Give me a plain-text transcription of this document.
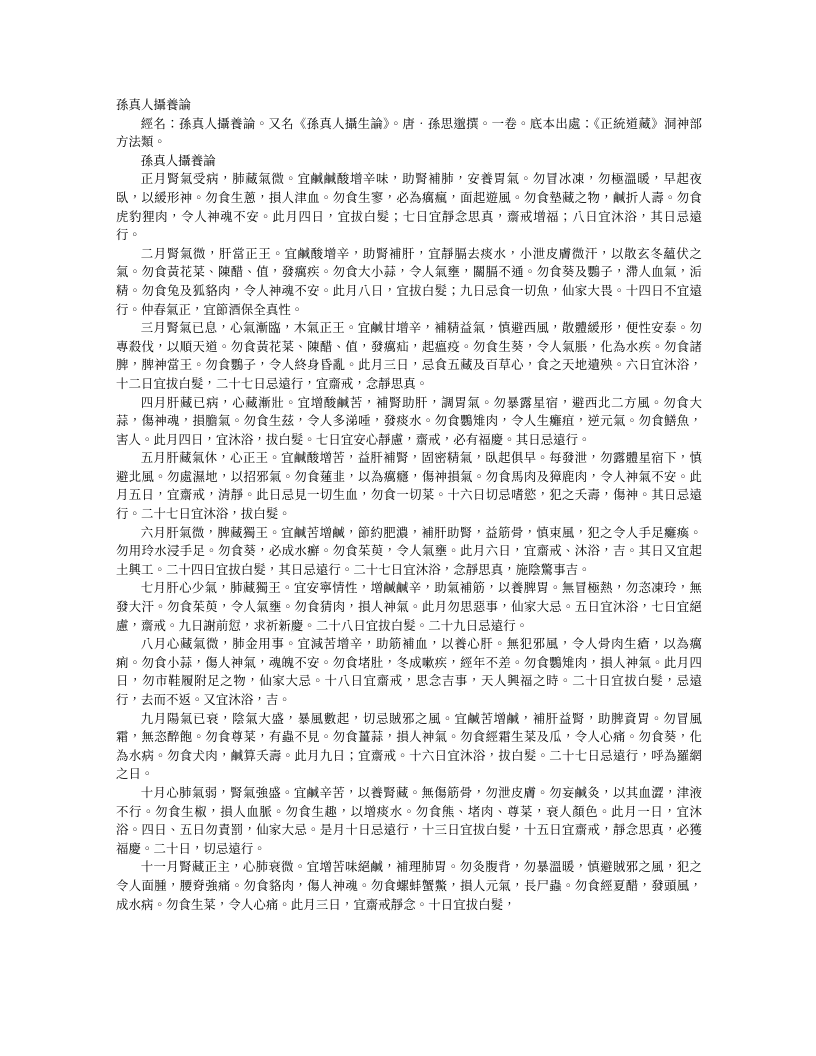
孫真人攝養論

經名：孫真人攝養論。又名《孫真人攝生論》。唐‧孫思邈撰。一卷。底本出處：《正統道藏》洞神部方法類。

孫真人攝養論

正月腎氣受病，肺藏氣微。宜鹹鹹酸增辛味，助腎補肺，安養胃氣。勿冒冰凍，勿極溫暖，早起夜臥，以緩形神。勿食生蔥，損人津血。勿食生寥，必為癘瘋，面起遊風。勿食墊藏之物，鹹折人壽。勿食虎豹狸肉，令人神魂不安。此月四日，宜拔白髮；七日宜靜念思真，齋戒增福；八日宜沐浴，其日忌遠行。

二月腎氣微，肝當正王。宜鹹酸增辛，助腎補肝，宜靜膈去痰水，小泄皮膚微汗，以散玄冬蘊伏之氣。勿食黃花菜、陳醋、值，發癘疾。勿食大小蒜，令人氣壅，關膈不通。勿食葵及鸚子，滯人血氣，洉精。勿食兔及狐貉肉，令人神魂不安。此月八日，宜拔白髮；九日忌食一切魚，仙家大畏。十四日不宜遠行。仲春氣正，宜節酒保全真性。

三月腎氣已息，心氣漸臨，木氣正王。宜鹹甘增辛，補精益氣，慎避西風，散體緩形，便性安泰。勿專殺伐，以順天道。勿食黃花菜、陳醋、值，發癘疝，起瘟疫。勿食生葵，令人氣脹，化為水疾。勿食諸脾，脾神當王。勿食鸚子，令人終身昏亂。此月三日，忌食五藏及百草心，食之天地遺殃。六日宜沐浴，十二日宜拔白髮，二十七日忌遠行，宜齋戒，念靜思真。

四月肝藏已病，心藏漸壯。宜增酸鹹苦，補腎助肝，調胃氣。勿暴露星宿，避西北二方風。勿食大蒜，傷神魂，損膽氣。勿食生茲，令人多涕唾，發痰水。勿食鸚雉肉，令人生癱疽，逆元氣。勿食鱔魚，害人。此月四日，宜沐浴，拔白髮。七日宜安心靜慮，齋戒，必有福慶。其日忌遠行。

五月肝藏氣休，心正王。宜鹹酸增苦，益肝補腎，固密精氣，臥起俱早。每發泄，勿露體星宿下，慎避北風。勿處濕地，以招邪氣。勿食蓮韭，以為癘癮，傷神損氣。勿食馬肉及獐鹿肉，令人神氣不安。此月五日，宜齋戒，清靜。此日忌見一切生血，勿食一切菜。十六日切忌嗜慾，犯之夭壽，傷神。其日忌遠行。二十七日宜沐浴，拔白髮。

六月肝氣微，脾藏獨王。宜鹹苦增鹹，節約肥濃，補肝助腎，益筋骨，慎束風，犯之令人手足癱瘓。勿用玲水浸手足。勿食葵，必成水癬。勿食茱萸，令人氣壅。此月六日，宜齋戒、沐浴，吉。其日又宜起土興工。二十四日宜拔白髮，其日忌遠行。二十七日宜沐浴，念靜思真，施陰驚事吉。

七月肝心少氣，肺藏獨王。宜安寧情性，增鹹鹹辛，助氣補筋，以養脾胃。無冒極熱，勿恣凍玲，無發大汗。勿食茱萸，令人氣壅。勿食猜肉，損人神氣。此月勿思惡事，仙家大忌。五日宜沐浴，七日宜絕慮，齋戒。九日謝前愆，求祈新慶。二十八日宜拔白髮。二十九日忌遠行。

八月心藏氣微，肺金用事。宜減苦增辛，助筋補血，以養心肝。無犯邪風，令人骨肉生瘡，以為癘痢。勿食小蒜，傷人神氣，魂魄不安。勿食堵肚，冬成嗽疾，經年不差。勿食鸚雉肉，損人神氣。此月四日，勿市鞋履附足之物，仙家大忌。十八日宜齋戒，思念吉事，天人興福之時。二十日宜拔白髮，忌遠行，去而不返。又宜沐浴，吉。

九月陽氣已衰，陰氣大盛，暴風數起，切忌賊邪之風。宜鹹苦增鹹，補肝益腎，助脾資胃。勿冒風霜，無恣醉飽。勿食尊菜，有蟲不見。勿食薑蒜，損人神氣。勿食經霜生菜及瓜，令人心痛。勿食葵，化為水病。勿食犬肉，鹹算夭壽。此月九日；宜齋戒。十六日宜沐浴，拔白髮。二十七日忌遠行，呼為羅網之日。

十月心肺氣弱，腎氣強盛。宜鹹辛苦，以養腎藏。無傷筋骨，勿泄皮膚。勿妄鹹灸，以其血澀，津液不行。勿食生椒，損人血脈。勿食生趣，以增痰水。勿食熊、堵肉、尊菜，衰人顏色。此月一日，宜沐浴。四日、五日勿責罰，仙家大忌。是月十日忌遠行，十三日宜拔白髮，十五日宜齋戒，靜念思真，必獲福慶。二十日，切忌遠行。

十一月腎藏正主，心肺衰微。宜增苦味絕鹹，補理肺胃。勿灸腹背，勿暴溫暖，慎避賊邪之風，犯之令人面腫，腰脊強痛。勿食貉肉，傷人神魂。勿食螺蚌蟹鱉，損人元氣，長尸蟲。勿食經夏醋，發頭風，成水病。勿食生菜，令人心痛。此月三日，宜齋戒靜念。十日宜拔白髮，
